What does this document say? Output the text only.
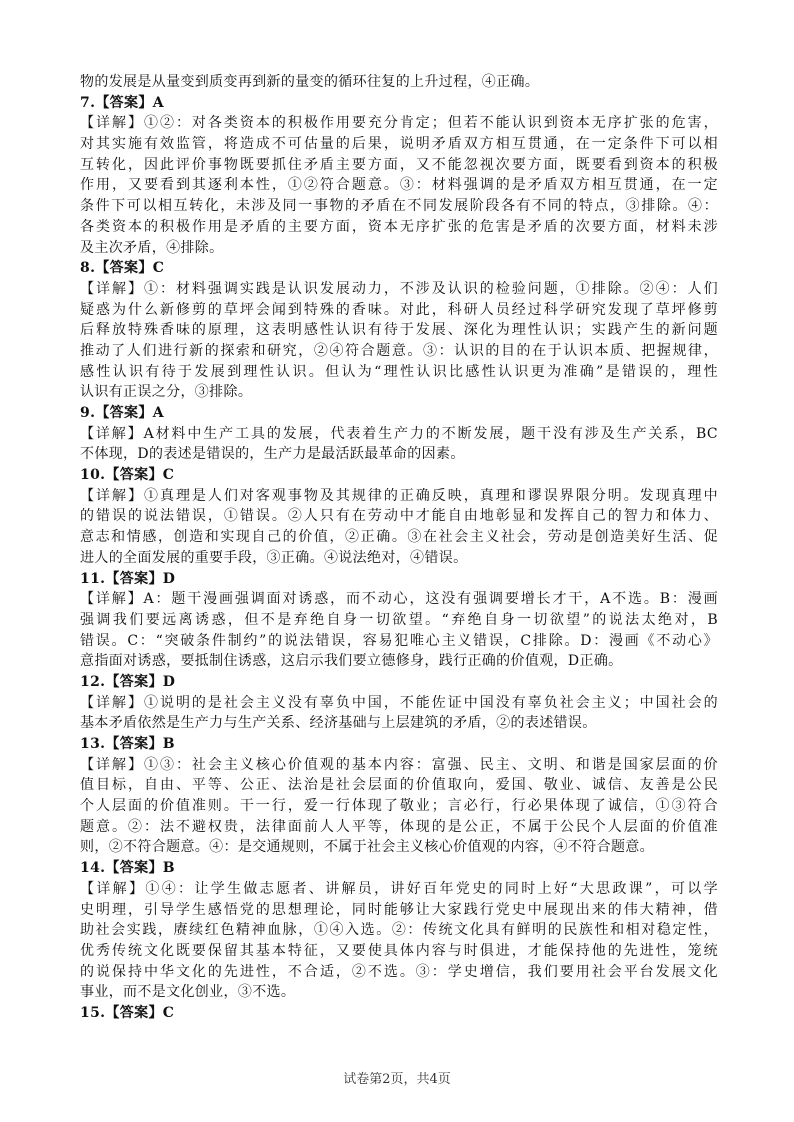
物的发展是从量变到质变再到新的量变的循环往复的上升过程，④正确。
7.【答案】A
【详解】①②：对各类资本的积极作用要充分肯定；但若不能认识到资本无序扩张的危害，
对其实施有效监管，将造成不可估量的后果，说明矛盾双方相互贯通，在一定条件下可以相
互转化，因此评价事物既要抓住矛盾主要方面，又不能忽视次要方面，既要看到资本的积极
作用，又要看到其逐利本性，①②符合题意。③：材料强调的是矛盾双方相互贯通，在一定
条件下可以相互转化，未涉及同一事物的矛盾在不同发展阶段各有不同的特点，③排除。④：
各类资本的积极作用是矛盾的主要方面，资本无序扩张的危害是矛盾的次要方面，材料未涉
及主次矛盾，④排除。
8.【答案】C
【详解】①：材料强调实践是认识发展动力，不涉及认识的检验问题，①排除。②④：人们
疑惑为什么新修剪的草坪会闻到特殊的香味。对此，科研人员经过科学研究发现了草坪修剪
后释放特殊香味的原理，这表明感性认识有待于发展、深化为理性认识；实践产生的新问题
推动了人们进行新的探索和研究，②④符合题意。③：认识的目的在于认识本质、把握规律，
感性认识有待于发展到理性认识。但认为“理性认识比感性认识更为准确”是错误的，理性
认识有正误之分，③排除。
9.【答案】A
【详解】A材料中生产工具的发展，代表着生产力的不断发展，题干没有涉及生产关系，BC
不体现，D的表述是错误的，生产力是最活跃最革命的因素。
10.【答案】C
【详解】①真理是人们对客观事物及其规律的正确反映，真理和谬误界限分明。发现真理中
的错误的说法错误，①错误。②人只有在劳动中才能自由地彰显和发挥自己的智力和体力、
意志和情感，创造和实现自己的价值，②正确。③在社会主义社会，劳动是创造美好生活、促
进人的全面发展的重要手段，③正确。④说法绝对，④错误。
11.【答案】D
【详解】A：题干漫画强调面对诱惑，而不动心，这没有强调要增长才干，A不选。B：漫画
强调我们要远离诱惑，但不是弃绝自身一切欲望。“弃绝自身一切欲望”的说法太绝对，B
错误。C：“突破条件制约”的说法错误，容易犯唯心主义错误，C排除。D：漫画《不动心》
意指面对诱惑，要抵制住诱惑，这启示我们要立德修身，践行正确的价值观，D正确。
12.【答案】D
【详解】①说明的是社会主义没有辜负中国，不能佐证中国没有辜负社会主义；中国社会的
基本矛盾依然是生产力与生产关系、经济基础与上层建筑的矛盾，②的表述错误。
13.【答案】B
【详解】①③：社会主义核心价值观的基本内容：富强、民主、文明、和谐是国家层面的价
值目标，自由、平等、公正、法治是社会层面的价值取向，爱国、敬业、诚信、友善是公民
个人层面的价值准则。干一行，爱一行体现了敬业；言必行，行必果体现了诚信，①③符合
题意。②：法不避权贵，法律面前人人平等，体现的是公正，不属于公民个人层面的价值准
则，②不符合题意。④：是交通规则，不属于社会主义核心价值观的内容，④不符合题意。
14.【答案】B
【详解】①④：让学生做志愿者、讲解员，讲好百年党史的同时上好“大思政课”，可以学
史明理，引导学生感悟党的思想理论，同时能够让大家践行党史中展现出来的伟大精神，借
助社会实践，赓续红色精神血脉，①④入选。②：传统文化具有鲜明的民族性和相对稳定性，
优秀传统文化既要保留其基本特征，又要使具体内容与时俱进，才能保持他的先进性，笼统
的说保持中华文化的先进性，不合适，②不选。③：学史增信，我们要用社会平台发展文化
事业，而不是文化创业，③不选。
15.【答案】C
试卷第2页，共4页
